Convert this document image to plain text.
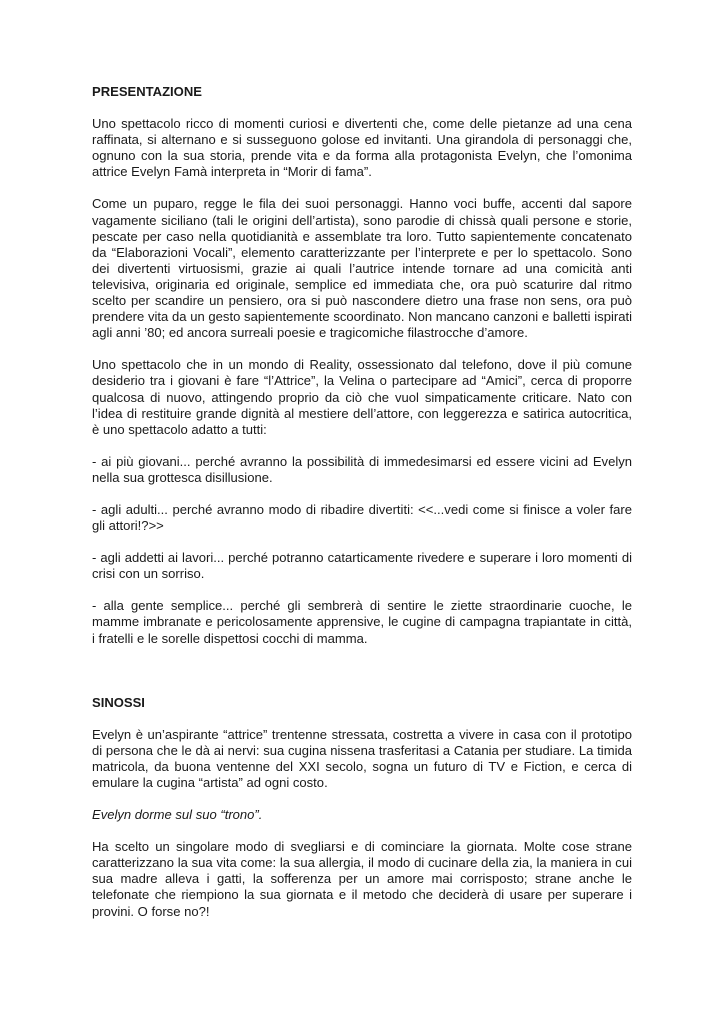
PRESENTAZIONE

Uno spettacolo ricco di momenti curiosi e divertenti che, come delle pietanze ad una cena raffinata, si alternano e si susseguono golose ed invitanti. Una girandola di personaggi che, ognuno con la sua storia, prende vita e da forma alla protagonista Evelyn, che l’omonima attrice Evelyn Famà interpreta in “Morir di fama”.

Come un puparo, regge le fila dei suoi personaggi. Hanno voci buffe, accenti dal sapore vagamente siciliano (tali le origini dell’artista), sono parodie di chissà quali persone e storie, pescate per caso nella quotidianità e assemblate tra loro. Tutto sapientemente concatenato da “Elaborazioni Vocali”, elemento caratterizzante per l’interprete e per lo spettacolo. Sono dei divertenti virtuosismi, grazie ai quali l’autrice intende tornare ad una comicità anti televisiva, originaria ed originale, semplice ed immediata che, ora può scaturire dal ritmo scelto per scandire un pensiero, ora si può nascondere dietro una frase non sens, ora può prendere vita da un gesto sapientemente scoordinato. Non mancano canzoni e balletti ispirati agli anni ’80; ed ancora surreali poesie e tragicomiche filastrocche d’amore.

Uno spettacolo che in un mondo di Reality, ossessionato dal telefono, dove il più comune desiderio tra i giovani è fare “l’Attrice”, la Velina o partecipare ad “Amici”, cerca di proporre qualcosa di nuovo, attingendo proprio da ciò che vuol simpaticamente criticare. Nato con l’idea di restituire grande dignità al mestiere dell’attore, con leggerezza e satirica autocritica, è uno spettacolo adatto a tutti:

- ai più giovani... perché avranno la possibilità di immedesimarsi ed essere vicini ad Evelyn nella sua grottesca disillusione.

- agli adulti... perché avranno modo di ribadire divertiti: <<...vedi come si finisce a voler fare gli attori!?>>

- agli addetti ai lavori... perché potranno catarticamente rivedere e superare i loro momenti di crisi con un sorriso.

- alla gente semplice... perché gli sembrerà di sentire le ziette straordinarie cuoche, le mamme imbranate e pericolosamente apprensive, le cugine di campagna trapiantate in città, i fratelli e le sorelle dispettosi cocchi di mamma.

SINOSSI

Evelyn è un’aspirante “attrice” trentenne stressata, costretta a vivere in casa con il prototipo di persona che le dà ai nervi: sua cugina nissena trasferitasi a Catania per studiare. La timida matricola, da buona ventenne del XXI secolo, sogna un futuro di TV e Fiction, e cerca di emulare la cugina “artista” ad ogni costo.

Evelyn dorme sul suo “trono”.

Ha scelto un singolare modo di svegliarsi e di cominciare la giornata. Molte cose strane caratterizzano la sua vita come: la sua allergia, il modo di cucinare della zia, la maniera in cui sua madre alleva i gatti, la sofferenza per un amore mai corrisposto; strane anche le telefonate che riempiono la sua giornata e il metodo che deciderà di usare per superare i provini. O forse no?!
